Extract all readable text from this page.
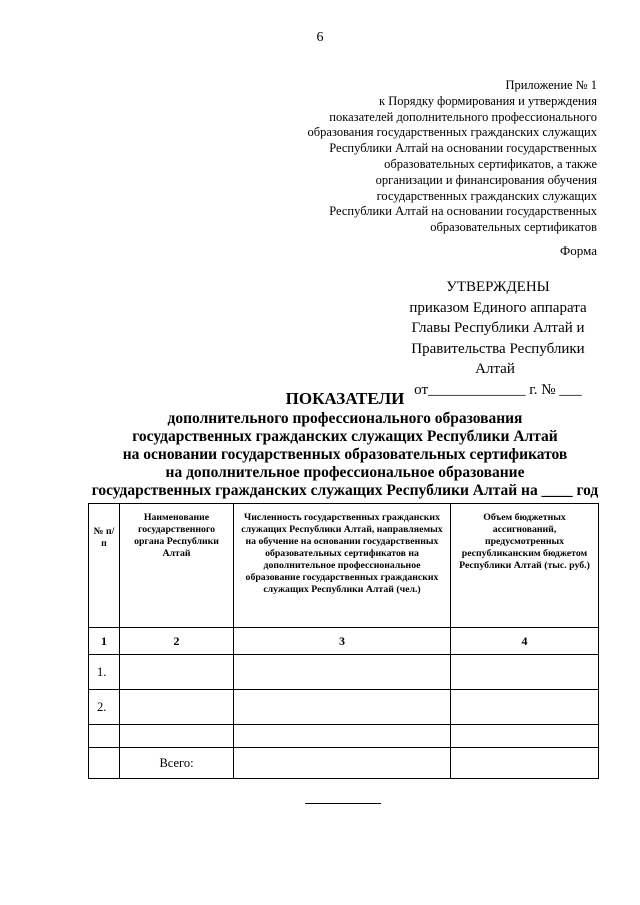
6
Приложение № 1
к Порядку формирования и утверждения
показателей дополнительного профессионального
образования государственных гражданских служащих
Республики Алтай на основании государственных
образовательных сертификатов, а также
организации и финансирования обучения
государственных гражданских служащих
Республики Алтай на основании государственных
образовательных сертификатов
Форма
УТВЕРЖДЕНЫ
приказом Единого аппарата
Главы Республики Алтай и
Правительства Республики
Алтай
от_____________ г. № ___
ПОКАЗАТЕЛИ
дополнительного профессионального образования
государственных гражданских служащих Республики Алтай
на основании государственных образовательных сертификатов
на дополнительное профессиональное образование
государственных гражданских служащих Республики Алтай на ____ год
№ п/п	Наименование государственного органа Республики Алтай	Численность государственных гражданских служащих Республики Алтай, направляемых на обучение на основании государственных образовательных сертификатов на дополнительное профессиональное образование государственных гражданских служащих Республики Алтай (чел.)	Объем бюджетных ассигнований, предусмотренных республиканским бюджетом Республики Алтай (тыс. руб.)
1	2	3	4
1.			
2.			

	Всего:		
